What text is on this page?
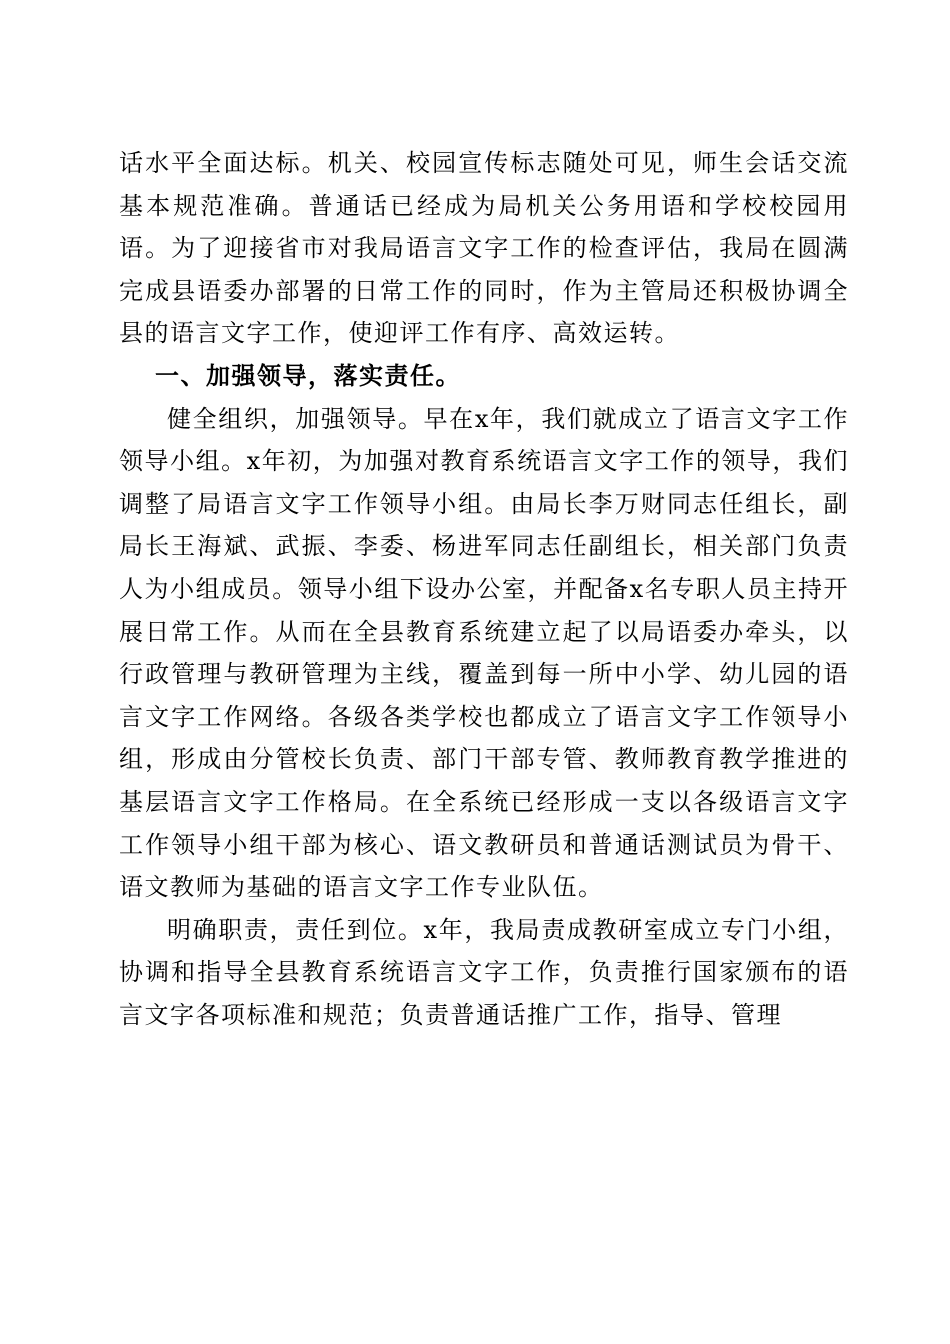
话水平全面达标。机关、校园宣传标志随处可见，师生会话交流基本规范准确。普通话已经成为局机关公务用语和学校校园用语。为了迎接省市对我局语言文字工作的检查评估，我局在圆满完成县语委办部署的日常工作的同时，作为主管局还积极协调全县的语言文字工作，使迎评工作有序、高效运转。

一、加强领导，落实责任。

健全组织，加强领导。早在x年，我们就成立了语言文字工作领导小组。x年初，为加强对教育系统语言文字工作的领导，我们调整了局语言文字工作领导小组。由局长李万财同志任组长，副局长王海斌、武振、李委、杨进军同志任副组长，相关部门负责人为小组成员。领导小组下设办公室，并配备x名专职人员主持开展日常工作。从而在全县教育系统建立起了以局语委办牵头，以行政管理与教研管理为主线，覆盖到每一所中小学、幼儿园的语言文字工作网络。各级各类学校也都成立了语言文字工作领导小组，形成由分管校长负责、部门干部专管、教师教育教学推进的基层语言文字工作格局。在全系统已经形成一支以各级语言文字工作领导小组干部为核心、语文教研员和普通话测试员为骨干、语文教师为基础的语言文字工作专业队伍。

明确职责，责任到位。x年，我局责成教研室成立专门小组，协调和指导全县教育系统语言文字工作，负责推行国家颁布的语言文字各项标准和规范；负责普通话推广工作，指导、管理
